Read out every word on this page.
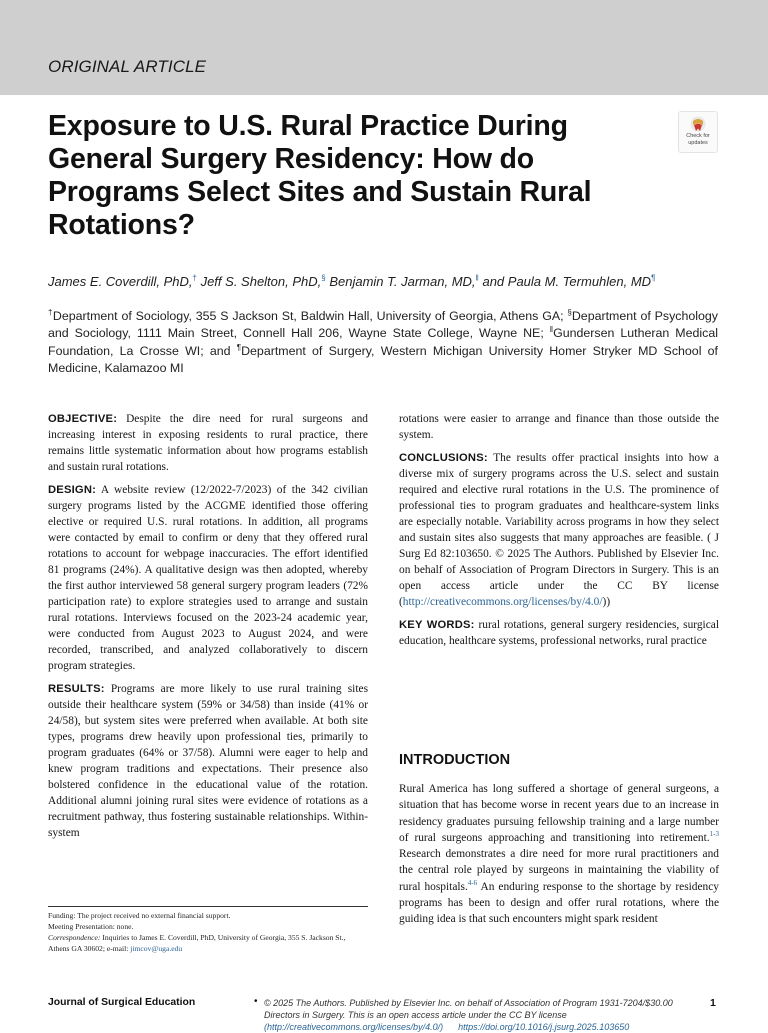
ORIGINAL ARTICLE
Exposure to U.S. Rural Practice During General Surgery Residency: How do Programs Select Sites and Sustain Rural Rotations?
Check for
updates
James E. Coverdill, PhD,† Jeff S. Shelton, PhD,§ Benjamin T. Jarman, MD,‖ and Paula M. Termuhlen, MD¶
†Department of Sociology, 355 S Jackson St, Baldwin Hall, University of Georgia, Athens GA; §Department of Psychology and Sociology, 1111 Main Street, Connell Hall 206, Wayne State College, Wayne NE; ‖Gundersen Lutheran Medical Foundation, La Crosse WI; and ¶Department of Surgery, Western Michigan University Homer Stryker MD School of Medicine, Kalamazoo MI

OBJECTIVE: Despite the dire need for rural surgeons and increasing interest in exposing residents to rural practice, there remains little systematic information about how programs establish and sustain rural rotations.

DESIGN: A website review (12/2022-7/2023) of the 342 civilian surgery programs listed by the ACGME identified those offering elective or required U.S. rural rotations. In addition, all programs were contacted by email to confirm or deny that they offered rural rotations to account for webpage inaccuracies. The effort identified 81 programs (24%). A qualitative design was then adopted, whereby the first author interviewed 58 general surgery program leaders (72% participation rate) to explore strategies used to arrange and sustain rural rotations. Interviews focused on the 2023-24 academic year, were conducted from August 2023 to August 2024, and were recorded, transcribed, and analyzed collaboratively to discern program strategies.

RESULTS: Programs are more likely to use rural training sites outside their healthcare system (59% or 34/58) than inside (41% or 24/58), but system sites were preferred when available. At both site types, programs drew heavily upon professional ties, primarily to program graduates (64% or 37/58). Alumni were eager to help and knew program traditions and expectations. Their presence also bolstered confidence in the educational value of the rotation. Additional alumni joining rural sites were evidence of rotations as a recruitment pathway, thus fostering sustainable relationships. Within-system

rotations were easier to arrange and finance than those outside the system.

CONCLUSIONS: The results offer practical insights into how a diverse mix of surgery programs across the U.S. select and sustain required and elective rural rotations in the U.S. The prominence of professional ties to program graduates and healthcare-system links are especially notable. Variability across programs in how they select and sustain sites also suggests that many approaches are feasible. ( J Surg Ed 82:103650. © 2025 The Authors. Published by Elsevier Inc. on behalf of Association of Program Directors in Surgery. This is an open access article under the CC BY license (http://creativecommons.org/licenses/by/4.0/))

KEY WORDS: rural rotations, general surgery residencies, surgical education, healthcare systems, professional networks, rural practice

INTRODUCTION
Rural America has long suffered a shortage of general surgeons, a situation that has become worse in recent years due to an increase in residency graduates pursuing fellowship training and a large number of rural surgeons approaching and transitioning into retirement.$^{1-3}$ Research demonstrates a dire need for more rural practitioners and the central role played by surgeons in maintaining the viability of rural hospitals.$^{4-6}$ An enduring response to the shortage by residency programs has been to design and offer rural rotations, where the guiding idea is that such encounters might spark resident
Funding: The project received no external financial support.
Meeting Presentation: none.
Correspondence: Inquiries to James E. Coverdill, PhD, University of Georgia, 355 S. Jackson St., Athens GA 30602; e-mail: jimcov@uga.edu
Journal of Surgical Education	• © 2025 The Authors. Published by Elsevier Inc. on behalf of Association of Program 1931-7204/$30.00
Directors in Surgery. This is an open access article under the CC BY license
(http://creativecommons.org/licenses/by/4.0/) https://doi.org/10.1016/j.jsurg.2025.103650
1
